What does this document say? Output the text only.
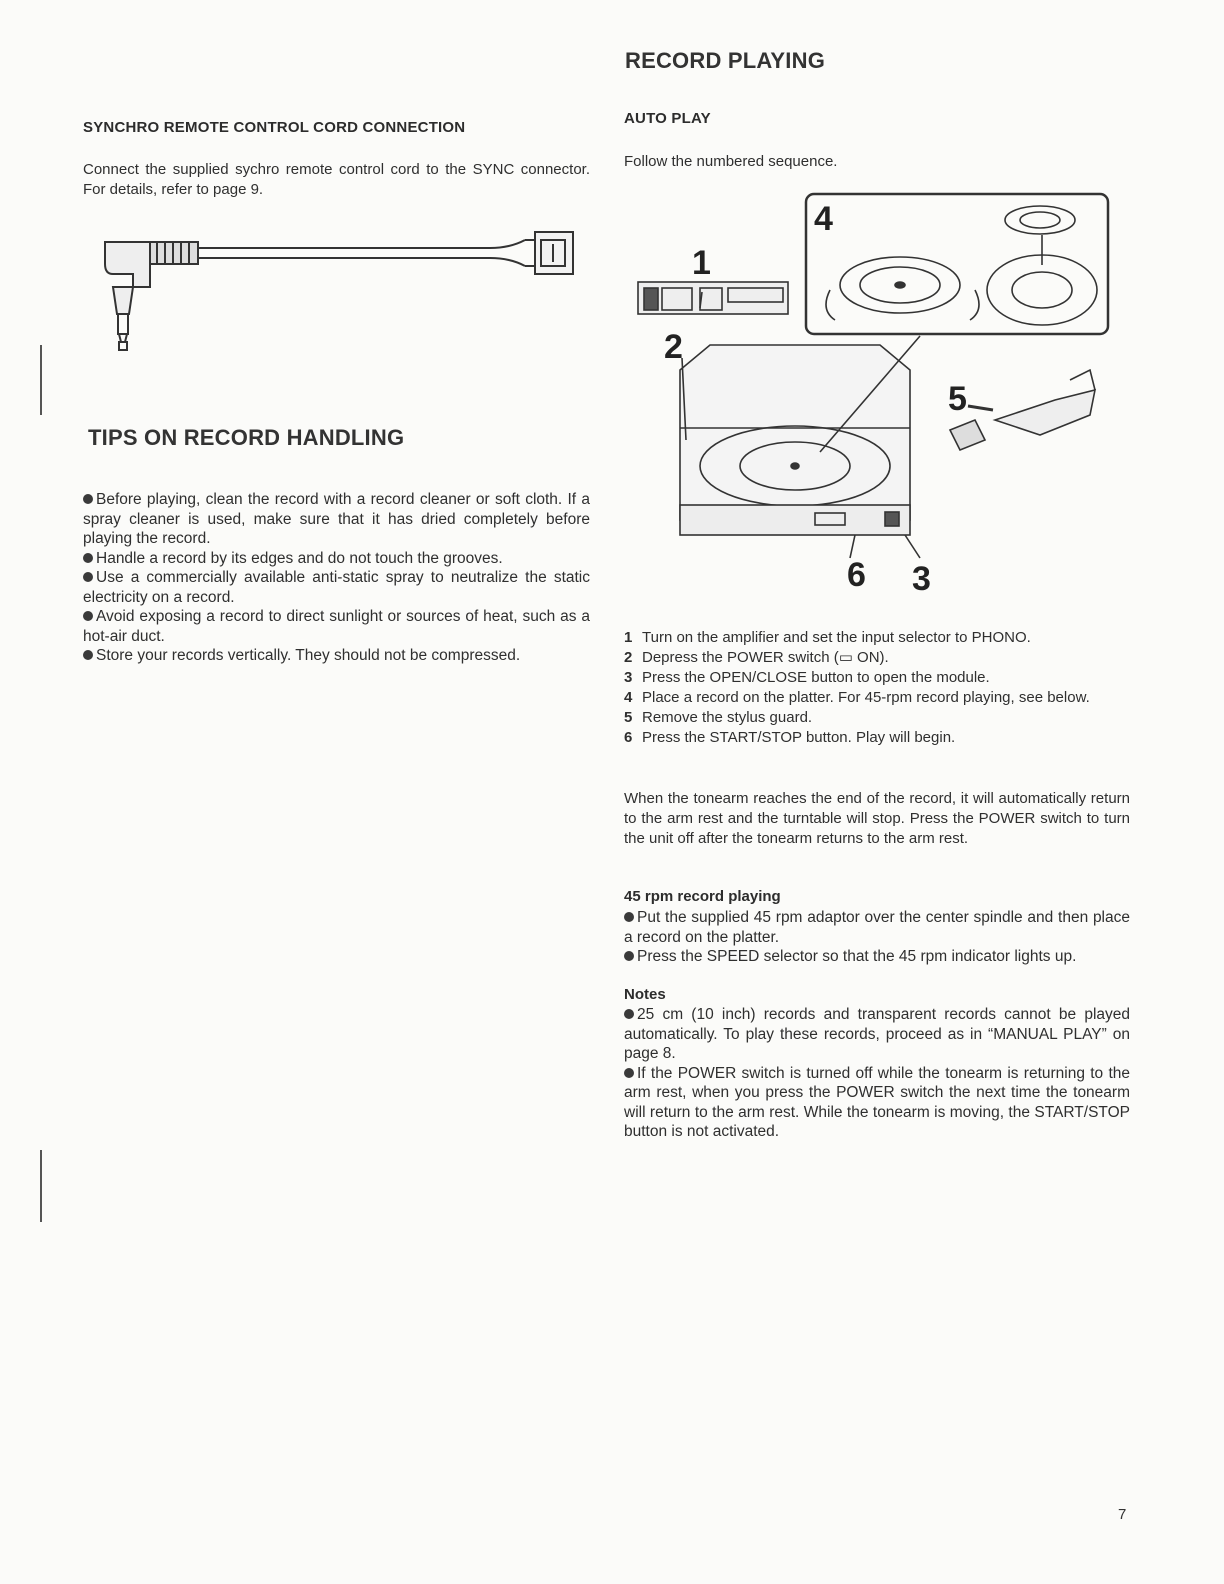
SYNCHRO REMOTE CONTROL CORD CONNECTION
Connect the supplied sychro remote control cord to the SYNC connector. For details, refer to page 9.
TIPS ON RECORD HANDLING
Before playing, clean the record with a record cleaner or soft cloth. If a spray cleaner is used, make sure that it has dried completely before playing the record.
Handle a record by its edges and do not touch the grooves.
Use a commercially available anti-static spray to neutralize the static electricity on a record.
Avoid exposing a record to direct sunlight or sources of heat, such as a hot-air duct.
Store your records vertically. They should not be compressed.
RECORD PLAYING
AUTO PLAY
Follow the numbered sequence.
1
2
4
5
6 3
1 Turn on the amplifier and set the input selector to PHONO.
2 Depress the POWER switch (▭ ON).
3 Press the OPEN/CLOSE button to open the module.
4 Place a record on the platter. For 45-rpm record playing, see below.
5 Remove the stylus guard.
6 Press the START/STOP button. Play will begin.
When the tonearm reaches the end of the record, it will automatically return to the arm rest and the turntable will stop. Press the POWER switch to turn the unit off after the tonearm returns to the arm rest.
45 rpm record playing
Put the supplied 45 rpm adaptor over the center spindle and then place a record on the platter.
Press the SPEED selector so that the 45 rpm indicator lights up.
Notes
25 cm (10 inch) records and transparent records cannot be played automatically. To play these records, proceed as in “MANUAL PLAY” on page 8.
If the POWER switch is turned off while the tonearm is returning to the arm rest, when you press the POWER switch the next time the tonearm will return to the arm rest. While the tonearm is moving, the START/STOP button is not activated.
7
